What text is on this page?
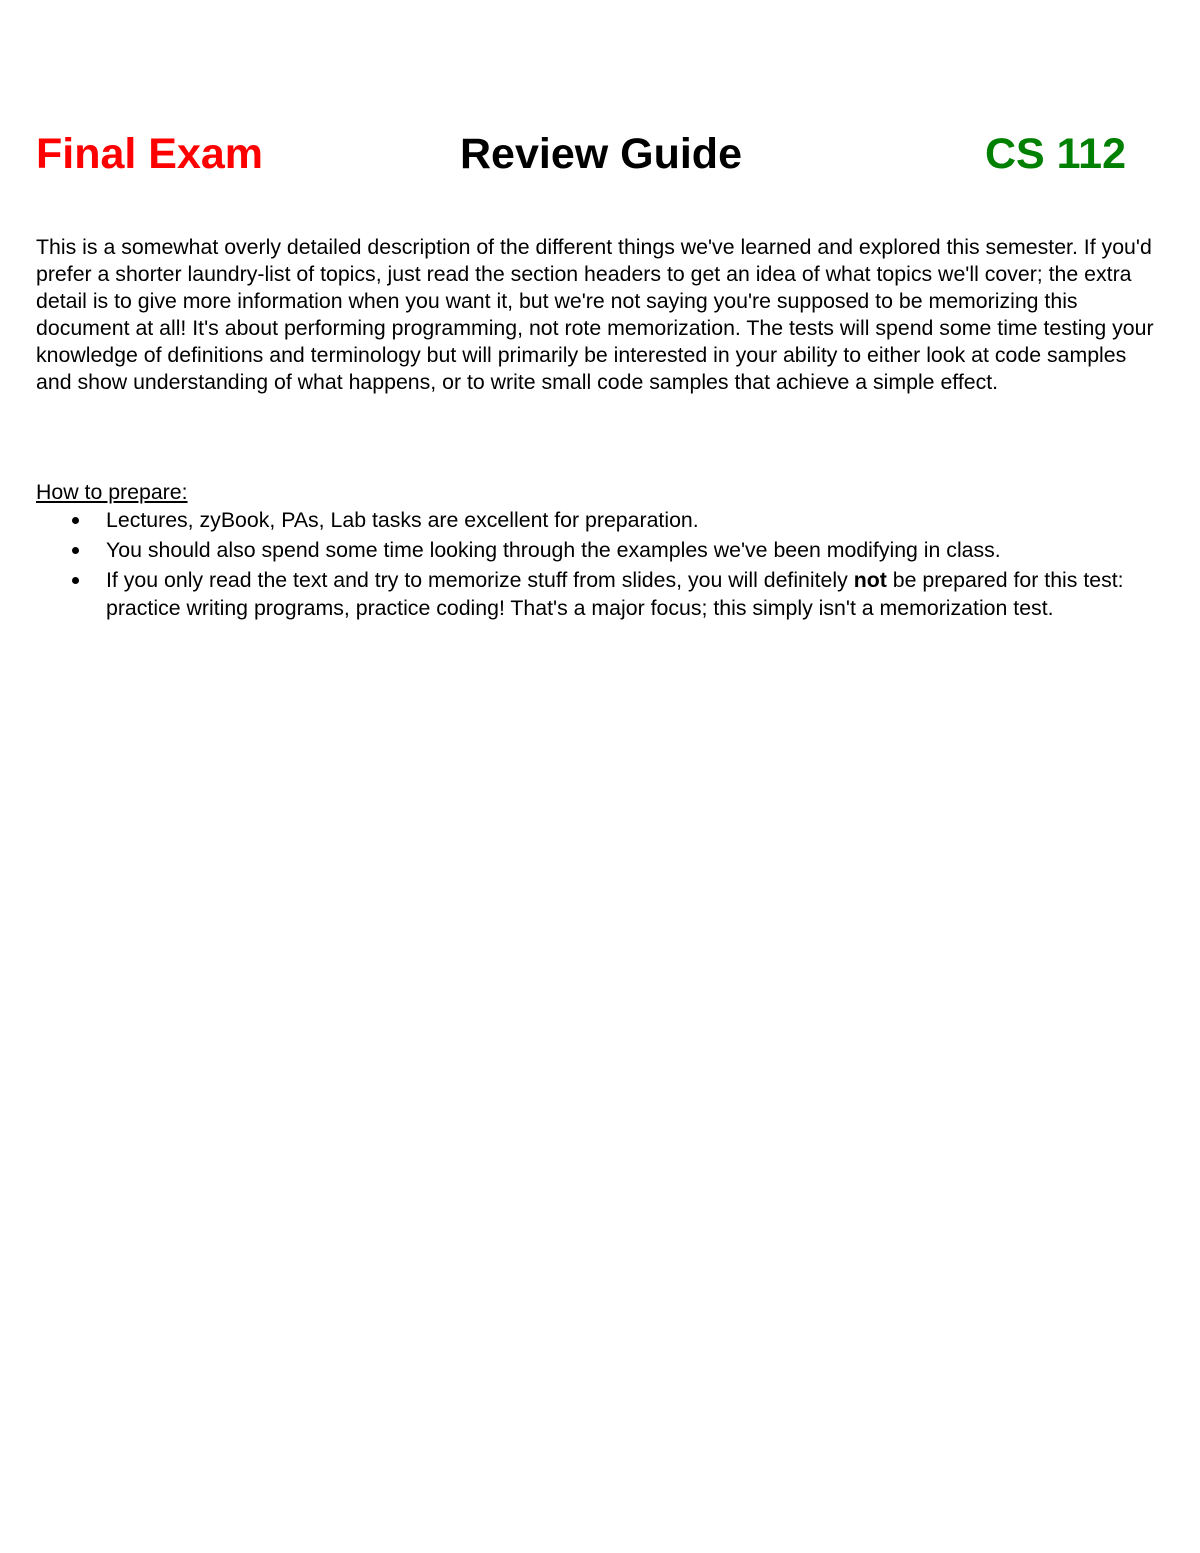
Final Exam	Review Guide	CS 112

This is a somewhat overly detailed description of the different things we've learned and explored this semester. If you'd prefer a shorter laundry-list of topics, just read the section headers to get an idea of what topics we'll cover; the extra detail is to give more information when you want it, but we're not saying you're supposed to be memorizing this document at all! It's about performing programming, not rote memorization. The tests will spend some time testing your knowledge of definitions and terminology but will primarily be interested in your ability to either look at code samples and show understanding of what happens, or to write small code samples that achieve a simple effect.

How to prepare:

Lectures, zyBook, PAs, Lab tasks are excellent for preparation.
You should also spend some time looking through the examples we've been modifying in class.
If you only read the text and try to memorize stuff from slides, you will definitely not be prepared for this test: practice writing programs, practice coding! That's a major focus; this simply isn't a memorization test.
